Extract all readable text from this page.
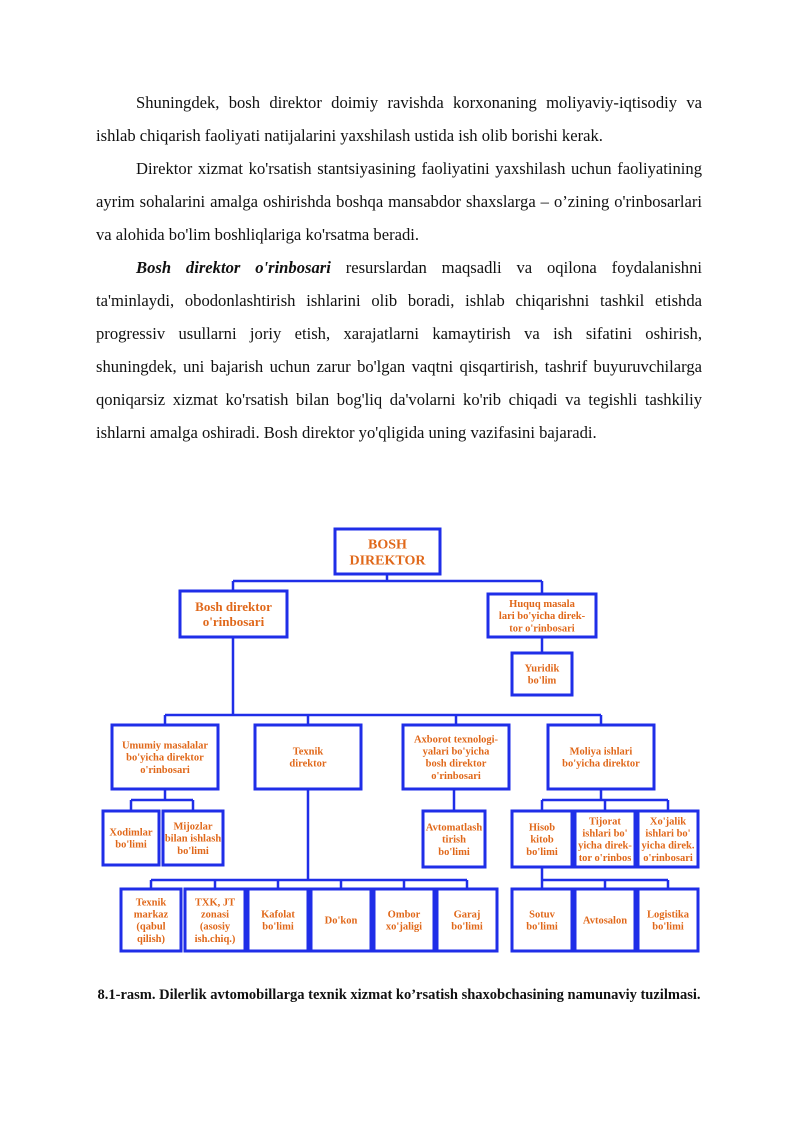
Shuningdek, bosh direktor doimiy ravishda korxonaning moliyaviy-iqtisodiy va ishlab chiqarish faoliyati natijalarini yaxshilash ustida ish olib borishi kerak.

Direktor xizmat ko'rsatish stantsiyasining faoliyatini yaxshilash uchun faoliyatining ayrim sohalarini amalga oshirishda boshqa mansabdor shaxslarga – o’zining o'rinbosarlari va alohida bo'lim boshliqlariga ko'rsatma beradi.

Bosh direktor o'rinbosari resurslardan maqsadli va oqilona foydalanishni ta'minlaydi, obodonlashtirish ishlarini olib boradi, ishlab chiqarishni tashkil etishda progressiv usullarni joriy etish, xarajatlarni kamaytirish va ish sifatini oshirish, shuningdek, uni bajarish uchun zarur bo'lgan vaqtni qisqartirish, tashrif buyuruvchilarga qoniqarsiz xizmat ko'rsatish bilan bog'liq da'volarni ko'rib chiqadi va tegishli tashkiliy ishlarni amalga oshiradi. Bosh direktor yo'qligida uning vazifasini bajaradi.

BOSH
DIREKTOR
Bosh direktor
o'rinbosari
Huquq masala
lari bo'yicha direk-
tor o'rinbosari
Yuridik
bo'lim
Umumiy masalalar
bo'yicha direktor
o'rinbosari
Texnik
direktor
Axborot texnologi-
yalari bo'yicha
bosh direktor
o'rinbosari
Moliya ishlari
bo'yicha direktor
Xodimlar
bo'limi
Mijozlar
bilan ishlash
bo'limi
Avtomatlash
tirish
bo'limi
Hisob
kitob
bo'limi
Tijorat
ishlari bo'
yicha direk-
tor o'rinbos
Xo'jalik
ishlari bo'
yicha direk.
o'rinbosari
Texnik
markaz
(qabul
qilish)
TXK, JT
zonasi
(asosiy
ish.chiq.)
Kafolat
bo'limi
Do'kon
Ombor
xo'jaligi
Garaj
bo'limi
Sotuv
bo'limi
Avtosalon
Logistika
bo'limi
8.1-rasm. Dilerlik avtomobillarga texnik xizmat ko’rsatish shaxobchasining namunaviy tuzilmasi.
